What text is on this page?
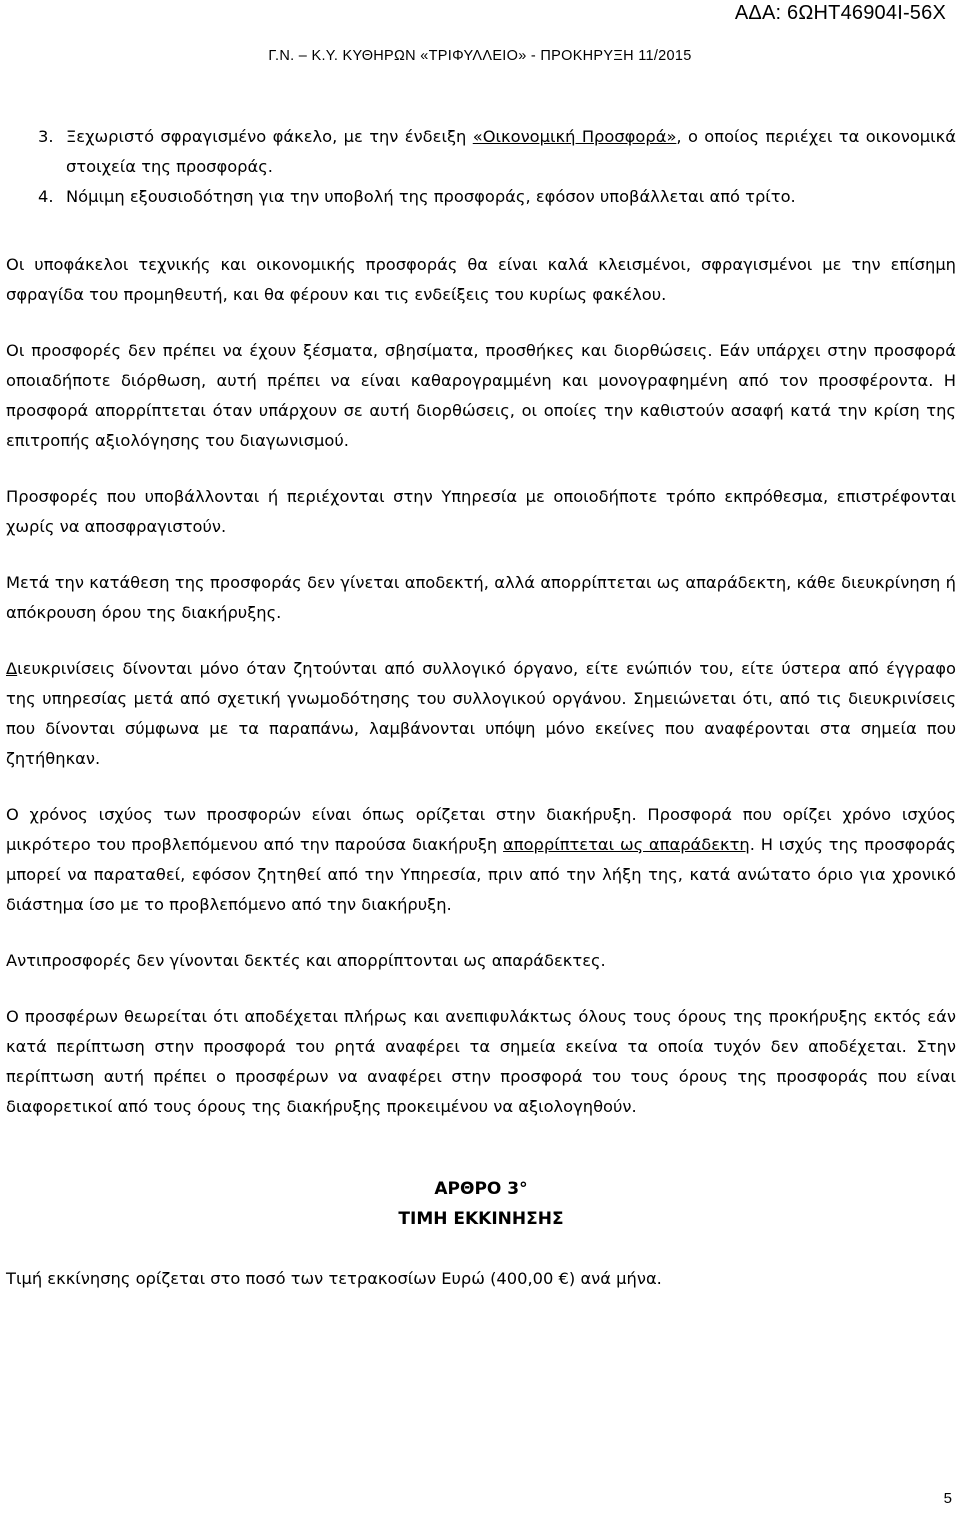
ΑΔΑ: 6ΩΗΤ46904Ι-56Χ
Γ.Ν. – Κ.Υ. ΚΥΘΗΡΩΝ «ΤΡΙΦΥΛΛΕΙΟ» - ΠΡΟΚΗΡΥΞΗ 11/2015
3. Ξεχωριστό σφραγισμένο φάκελο, με την ένδειξη «Οικονομική Προσφορά», ο οποίος περιέχει τα οικονομικά στοιχεία της προσφοράς.
4. Νόμιμη εξουσιοδότηση για την υποβολή της προσφοράς, εφόσον υποβάλλεται από τρίτο.

Οι υποφάκελοι τεχνικής και οικονομικής προσφοράς θα είναι καλά κλεισμένοι, σφραγισμένοι με την επίσημη σφραγίδα του προμηθευτή, και θα φέρουν και τις ενδείξεις του κυρίως φακέλου.

Οι προσφορές δεν πρέπει να έχουν ξέσματα, σβησίματα, προσθήκες και διορθώσεις. Εάν υπάρχει στην προσφορά οποιαδήποτε διόρθωση, αυτή πρέπει να είναι καθαρογραμμένη και μονογραφημένη από τον προσφέροντα. Η προσφορά απορρίπτεται όταν υπάρχουν σε αυτή διορθώσεις, οι οποίες την καθιστούν ασαφή κατά την κρίση της επιτροπής αξιολόγησης του διαγωνισμού.

Προσφορές που υποβάλλονται ή περιέχονται στην Υπηρεσία με οποιοδήποτε τρόπο εκπρόθεσμα, επιστρέφονται χωρίς να αποσφραγιστούν.

Μετά την κατάθεση της προσφοράς δεν γίνεται αποδεκτή, αλλά απορρίπτεται ως απαράδεκτη, κάθε διευκρίνηση ή απόκρουση όρου της διακήρυξης.

Διευκρινίσεις δίνονται μόνο όταν ζητούνται από συλλογικό όργανο, είτε ενώπιόν του, είτε ύστερα από έγγραφο της υπηρεσίας μετά από σχετική γνωμοδότησης του συλλογικού οργάνου. Σημειώνεται ότι, από τις διευκρινίσεις που δίνονται σύμφωνα με τα παραπάνω, λαμβάνονται υπόψη μόνο εκείνες που αναφέρονται στα σημεία που ζητήθηκαν.

Ο χρόνος ισχύος των προσφορών είναι όπως ορίζεται στην διακήρυξη. Προσφορά που ορίζει χρόνο ισχύος μικρότερο του προβλεπόμενου από την παρούσα διακήρυξη απορρίπτεται ως απαράδεκτη. Η ισχύς της προσφοράς μπορεί να παραταθεί, εφόσον ζητηθεί από την Υπηρεσία, πριν από την λήξη της, κατά ανώτατο όριο για χρονικό διάστημα ίσο με το προβλεπόμενο από την διακήρυξη.

Αντιπροσφορές δεν γίνονται δεκτές και απορρίπτονται ως απαράδεκτες.

Ο προσφέρων θεωρείται ότι αποδέχεται πλήρως και ανεπιφυλάκτως όλους τους όρους της προκήρυξης εκτός εάν κατά περίπτωση στην προσφορά του ρητά αναφέρει τα σημεία εκείνα τα οποία τυχόν δεν αποδέχεται. Στην περίπτωση αυτή πρέπει ο προσφέρων να αναφέρει στην προσφορά του τους όρους της προσφοράς που είναι διαφορετικοί από τους όρους της διακήρυξης προκειμένου να αξιολογηθούν.

ΑΡΘΡΟ 3°
ΤΙΜΗ ΕΚΚΙΝΗΣΗΣ

Τιμή εκκίνησης ορίζεται στο ποσό των τετρακοσίων Ευρώ (400,00 €) ανά μήνα.

5
